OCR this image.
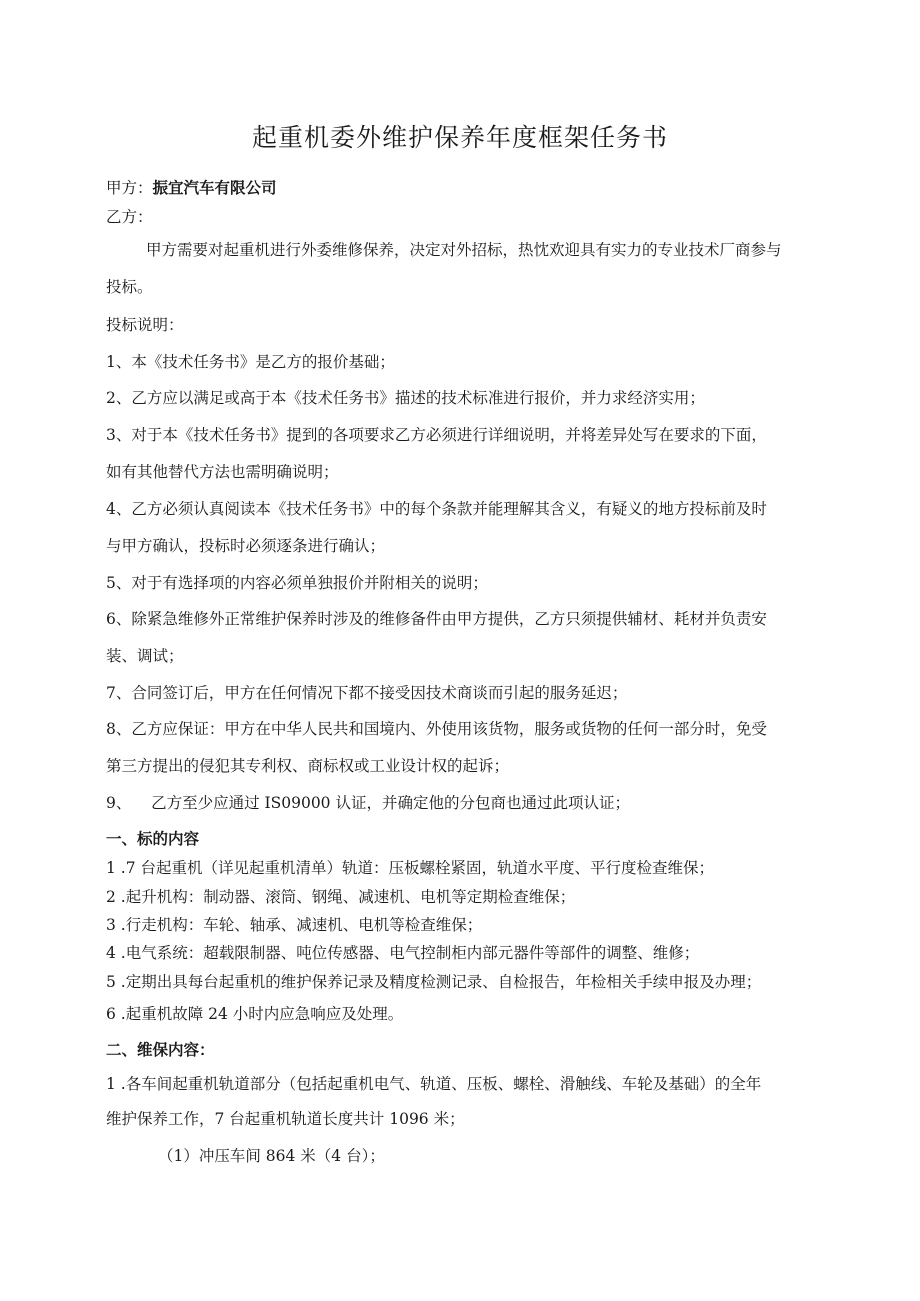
起重机委外维护保养年度框架任务书
甲方：振宜汽车有限公司
乙方：
甲方需要对起重机进行外委维修保养，决定对外招标，热忱欢迎具有实力的专业技术厂商参与
投标。
投标说明：
1、本《技术任务书》是乙方的报价基础；
2、乙方应以满足或高于本《技术任务书》描述的技术标准进行报价，并力求经济实用；
3、对于本《技术任务书》提到的各项要求乙方必须进行详细说明，并将差异处写在要求的下面，
如有其他替代方法也需明确说明；
4、乙方必须认真阅读本《技术任务书》中的每个条款并能理解其含义，有疑义的地方投标前及时
与甲方确认，投标时必须逐条进行确认；
5、对于有选择项的内容必须单独报价并附相关的说明；
6、除紧急维修外正常维护保养时涉及的维修备件由甲方提供，乙方只须提供辅材、耗材并负责安
装、调试；
7、合同签订后，甲方在任何情况下都不接受因技术商谈而引起的服务延迟；
8、乙方应保证：甲方在中华人民共和国境内、外使用该货物，服务或货物的任何一部分时，免受
第三方提出的侵犯其专利权、商标权或工业设计权的起诉；
9、    乙方至少应通过 IS09000 认证，并确定他的分包商也通过此项认证；
一、标的内容
1 .7 台起重机（详见起重机清单）轨道：压板螺栓紧固，轨道水平度、平行度检查维保；
2 .起升机构：制动器、滚筒、钢绳、减速机、电机等定期检查维保；
3 .行走机构：车轮、轴承、减速机、电机等检查维保；
4 .电气系统：超载限制器、吨位传感器、电气控制柜内部元器件等部件的调整、维修；
5 .定期出具每台起重机的维护保养记录及精度检测记录、自检报告，年检相关手续申报及办理；
6 .起重机故障 24 小时内应急响应及处理。
二、维保内容：
1 .各车间起重机轨道部分（包括起重机电气、轨道、压板、螺栓、滑触线、车轮及基础）的全年
维护保养工作，7 台起重机轨道长度共计 1096 米；
（1）冲压车间 864 米（4 台）；
